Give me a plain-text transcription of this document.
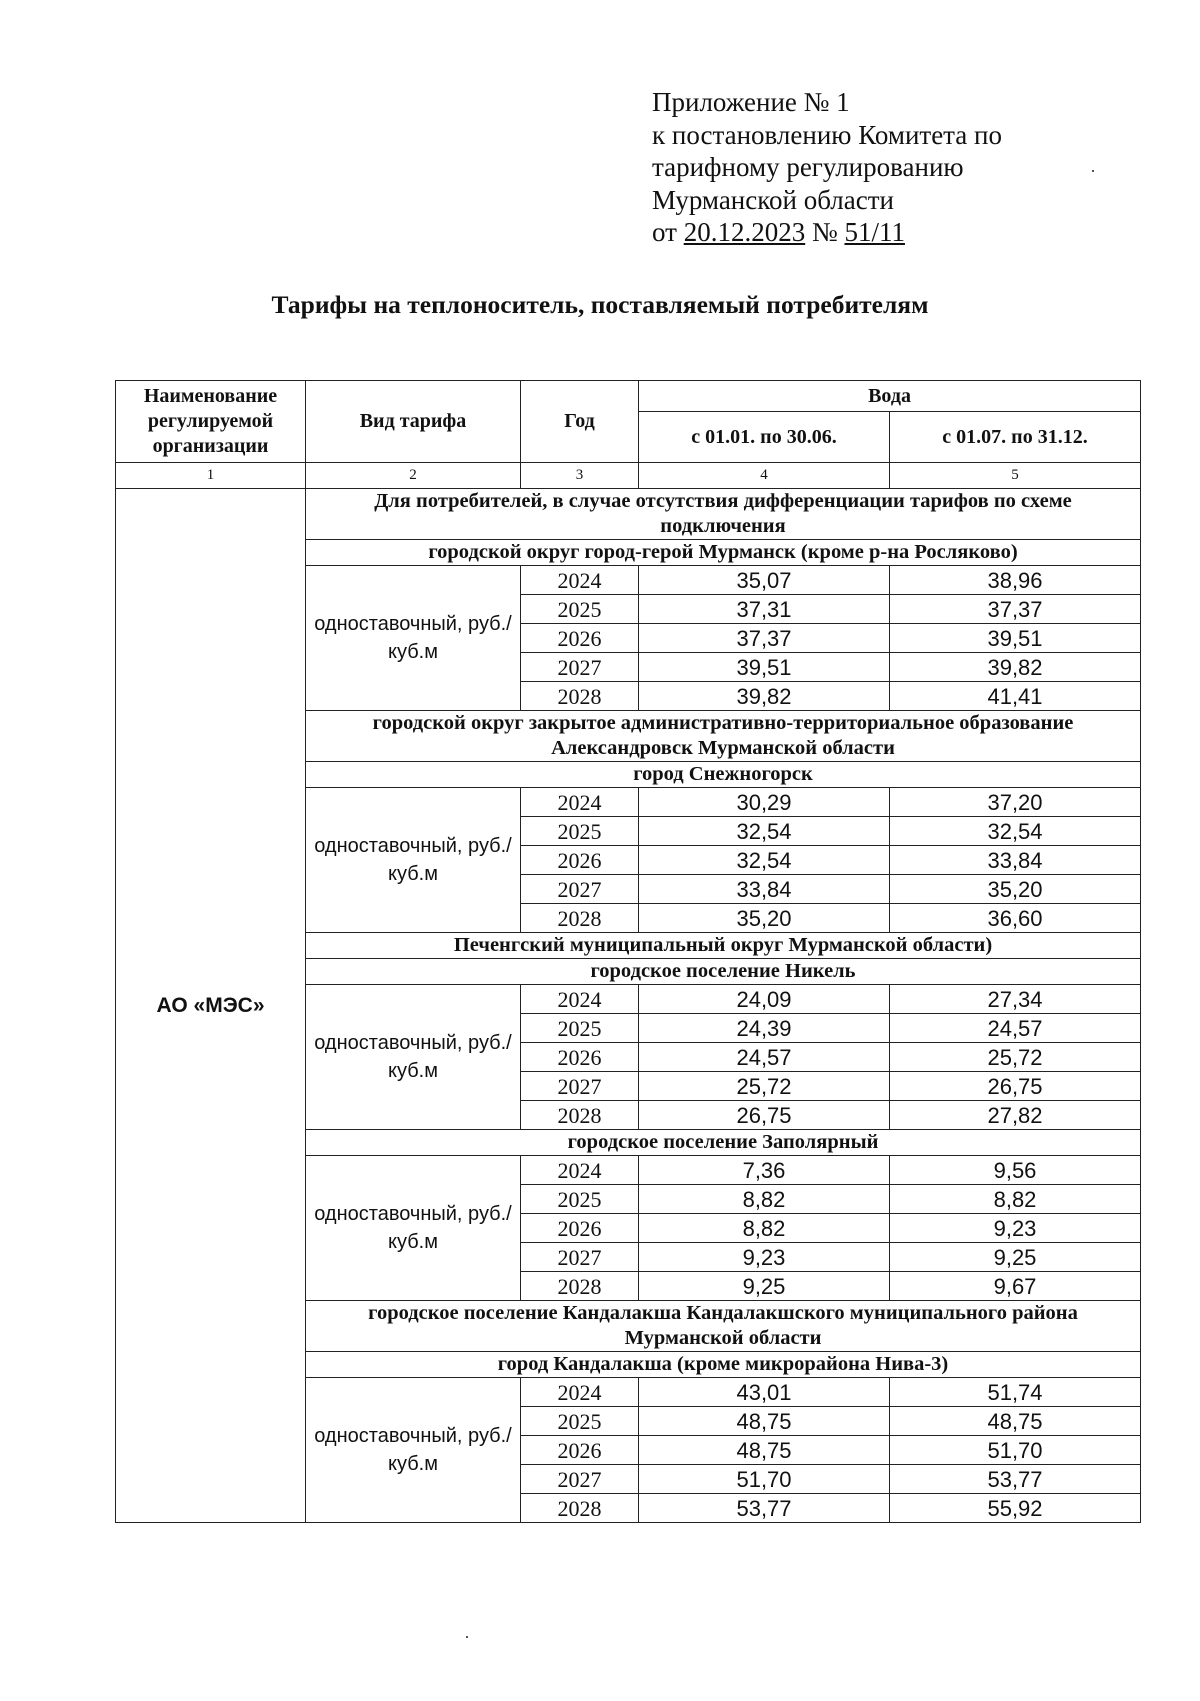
Приложение № 1
к постановлению Комитета по
тарифному регулированию
Мурманской области
от 20.12.2023 № 51/11
Тарифы на теплоноситель, поставляемый потребителям
Наименование регулируемой организации	Вид тарифа	Год	Вода	
			с 01.01. по 30.06.	с 01.07. по 31.12.
1	2	3	4	5
АО «МЭС»	Для потребителей, в случае отсутствия дифференциации тарифов по схеме подключения			
	городской округ город-герой Мурманск (кроме р-на Росляково)			
	одноставочный, руб./куб.м	2024	35,07	38,96
		2025	37,31	37,37
		2026	37,37	39,51
		2027	39,51	39,82
		2028	39,82	41,41
	городской округ закрытое административно-территориальное образование Александровск Мурманской области			
	город Снежногорск			
	одноставочный, руб./куб.м	2024	30,29	37,20
		2025	32,54	32,54
		2026	32,54	33,84
		2027	33,84	35,20
		2028	35,20	36,60
	Печенгский муниципальный округ Мурманской области)			
	городское поселение Никель			
	одноставочный, руб./куб.м	2024	24,09	27,34
		2025	24,39	24,57
		2026	24,57	25,72
		2027	25,72	26,75
		2028	26,75	27,82
	городское поселение Заполярный			
	одноставочный, руб./куб.м	2024	7,36	9,56
		2025	8,82	8,82
		2026	8,82	9,23
		2027	9,23	9,25
		2028	9,25	9,67
	городское поселение Кандалакша Кандалакшского муниципального района Мурманской области			
	город Кандалакша (кроме микрорайона Нива-3)			
	одноставочный, руб./куб.м	2024	43,01	51,74
		2025	48,75	48,75
		2026	48,75	51,70
		2027	51,70	53,77
		2028	53,77	55,92
